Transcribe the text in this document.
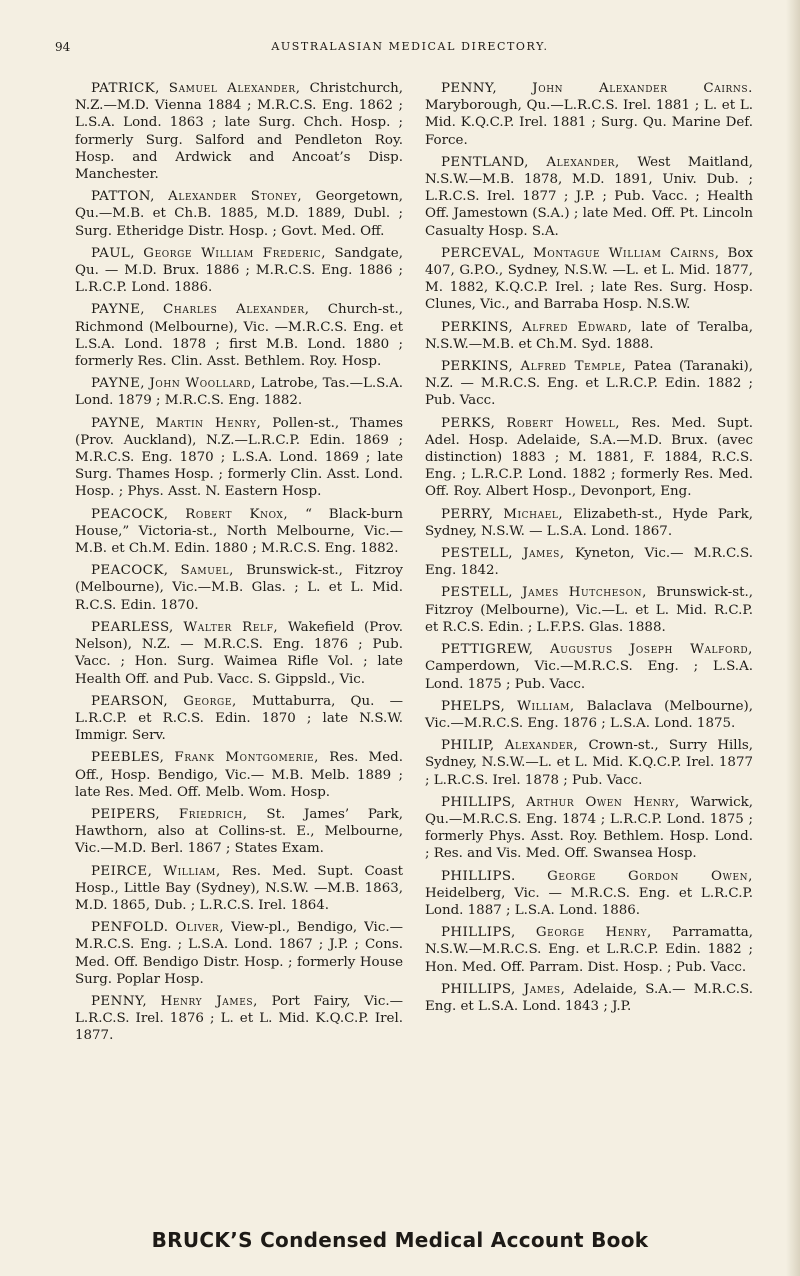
94	AUSTRALASIAN MEDICAL DIRECTORY.

PATRICK, Samuel Alexander, Christchurch, N.Z.—M.D. Vienna 1884 ; M.R.C.S. Eng. 1862 ; L.S.A. Lond. 1863 ; late Surg. Chch. Hosp. ; formerly Surg. Salford and Pendleton Roy. Hosp. and Ardwick and Ancoat’s Disp. Manchester.

PATTON, Alexander Stoney, Georgetown, Qu.—M.B. et Ch.B. 1885, M.D. 1889, Dubl. ; Surg. Etheridge Distr. Hosp. ; Govt. Med. Off.

PAUL, George William Frederic, Sandgate, Qu. — M.D. Brux. 1886 ; M.R.C.S. Eng. 1886 ; L.R.C.P. Lond. 1886.

PAYNE, Charles Alexander, Church-st., Richmond (Melbourne), Vic. —M.R.C.S. Eng. et L.S.A. Lond. 1878 ; first M.B. Lond. 1880 ; formerly Res. Clin. Asst. Bethlem. Roy. Hosp.

PAYNE, John Woollard, Latrobe, Tas.—L.S.A. Lond. 1879 ; M.R.C.S. Eng. 1882.

PAYNE, Martin Henry, Pollen-st., Thames (Prov. Auckland), N.Z.—L.R.C.P. Edin. 1869 ; M.R.C.S. Eng. 1870 ; L.S.A. Lond. 1869 ; late Surg. Thames Hosp. ; formerly Clin. Asst. Lond. Hosp. ; Phys. Asst. N. Eastern Hosp.

PEACOCK, Robert Knox, “ Black-burn House,” Victoria-st., North Melbourne, Vic.—M.B. et Ch.M. Edin. 1880 ; M.R.C.S. Eng. 1882.

PEACOCK, Samuel, Brunswick-st., Fitzroy (Melbourne), Vic.—M.B. Glas. ; L. et L. Mid. R.C.S. Edin. 1870.

PEARLESS, Walter Relf, Wakefield (Prov. Nelson), N.Z. — M.R.C.S. Eng. 1876 ; Pub. Vacc. ; Hon. Surg. Waimea Rifle Vol. ; late Health Off. and Pub. Vacc. S. Gippsld., Vic.

PEARSON, George, Muttaburra, Qu. —L.R.C.P. et R.C.S. Edin. 1870 ; late N.S.W. Immigr. Serv.

PEEBLES, Frank Montgomerie, Res. Med. Off., Hosp. Bendigo, Vic.— M.B. Melb. 1889 ; late Res. Med. Off. Melb. Wom. Hosp.

PEIPERS, Friedrich, St. James’ Park, Hawthorn, also at Collins-st. E., Melbourne, Vic.—M.D. Berl. 1867 ; States Exam.

PEIRCE, William, Res. Med. Supt. Coast Hosp., Little Bay (Sydney), N.S.W. —M.B. 1863, M.D. 1865, Dub. ; L.R.C.S. Irel. 1864.

PENFOLD. Oliver, View-pl., Bendigo, Vic.—M.R.C.S. Eng. ; L.S.A. Lond. 1867 ; J.P. ; Cons. Med. Off. Bendigo Distr. Hosp. ; formerly House Surg. Poplar Hosp.

PENNY, Henry James, Port Fairy, Vic.—L.R.C.S. Irel. 1876 ; L. et L. Mid. K.Q.C.P. Irel. 1877.

PENNY,	John Alexander Cairns. Maryborough, Qu.—L.R.C.S. Irel. 1881 ; L. et L. Mid. K.Q.C.P. Irel. 1881 ; Surg. Qu. Marine Def. Force.

PENTLAND, Alexander, West Maitland, N.S.W.—M.B. 1878, M.D. 1891, Univ. Dub. ; L.R.C.S. Irel. 1877 ; J.P. ; Pub. Vacc. ; Health Off. Jamestown (S.A.) ; late Med. Off. Pt. Lincoln Casualty Hosp. S.A.

PERCEVAL, Montague William Cairns, Box 407, G.P.O., Sydney, N.S.W. —L. et L. Mid. 1877, M. 1882, K.Q.C.P. Irel. ; late Res. Surg. Hosp. Clunes, Vic., and Barraba Hosp. N.S.W.

PERKINS, Alfred Edward, late of Teralba, N.S.W.—M.B. et Ch.M. Syd. 1888.

PERKINS, Alfred Temple, Patea (Taranaki), N.Z. — M.R.C.S. Eng. et L.R.C.P. Edin. 1882 ; Pub. Vacc.

PERKS, Robert Howell, Res. Med. Supt. Adel. Hosp. Adelaide, S.A.—M.D. Brux. (avec distinction) 1883 ; M. 1881, F. 1884, R.C.S. Eng. ; L.R.C.P. Lond. 1882 ; formerly Res. Med. Off. Roy. Albert Hosp., Devonport, Eng.

PERRY, Michael, Elizabeth-st., Hyde Park, Sydney, N.S.W. — L.S.A. Lond. 1867.

PESTELL, James, Kyneton, Vic.— M.R.C.S. Eng. 1842.

PESTELL, James Hutcheson, Brunswick-st., Fitzroy (Melbourne), Vic.—L. et L. Mid. R.C.P. et R.C.S. Edin. ; L.F.P.S. Glas. 1888.

PETTIGREW, Augustus Joseph Walford, Camperdown, Vic.—M.R.C.S. Eng. ; L.S.A. Lond. 1875 ; Pub. Vacc.

PHELPS, William, Balaclava (Melbourne), Vic.—M.R.C.S. Eng. 1876 ; L.S.A. Lond. 1875.

PHILIP, Alexander, Crown-st., Surry Hills, Sydney, N.S.W.—L. et L. Mid. K.Q.C.P. Irel. 1877 ; L.R.C.S. Irel. 1878 ; Pub. Vacc.

PHILLIPS, Arthur Owen Henry, Warwick, Qu.—M.R.C.S. Eng. 1874 ; L.R.C.P. Lond. 1875 ; formerly Phys. Asst. Roy. Bethlem. Hosp. Lond. ; Res. and Vis. Med. Off. Swansea Hosp.

PHILLIPS. George Gordon Owen, Heidelberg, Vic. — M.R.C.S. Eng. et L.R.C.P. Lond. 1887 ; L.S.A. Lond. 1886.

PHILLIPS, George Henry, Parramatta, N.S.W.—M.R.C.S. Eng. et L.R.C.P. Edin. 1882 ; Hon. Med. Off. Parram. Dist. Hosp. ; Pub. Vacc.

PHILLIPS, James, Adelaide, S.A.— M.R.C.S. Eng. et L.S.A. Lond. 1843 ; J.P.

BRUCK’S Condensed Medical Account Book
